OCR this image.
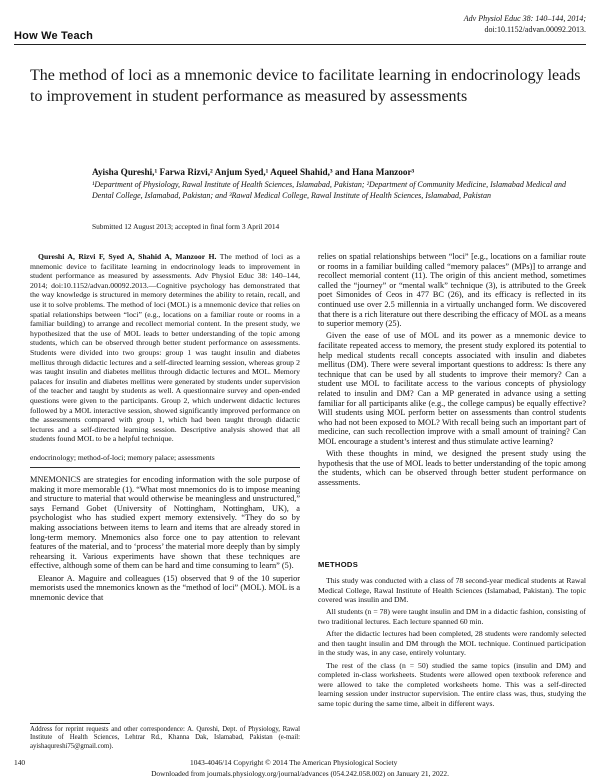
How We Teach
Adv Physiol Educ 38: 140–144, 2014;
doi:10.1152/advan.00092.2013.
The method of loci as a mnemonic device to facilitate learning in endocrinology leads to improvement in student performance as measured by assessments
Ayisha Qureshi,¹ Farwa Rizvi,² Anjum Syed,¹ Aqueel Shahid,³ and Hana Manzoor³
¹Department of Physiology, Rawal Institute of Health Sciences, Islamabad, Pakistan; ²Department of Community Medicine, Islamabad Medical and Dental College, Islamabad, Pakistan; and ³Rawal Medical College, Rawal Institute of Health Sciences, Islamabad, Pakistan
Submitted 12 August 2013; accepted in final form 3 April 2014

Qureshi A, Rizvi F, Syed A, Shahid A, Manzoor H. The method of loci as a mnemonic device to facilitate learning in endocrinology leads to improvement in student performance as measured by assessments. Adv Physiol Educ 38: 140–144, 2014; doi:10.1152/advan.00092.2013.—Cognitive psychology has demonstrated that the way knowledge is structured in memory determines the ability to retain, recall, and use it to solve problems. The method of loci (MOL) is a mnemonic device that relies on spatial relationships between “loci” (e.g., locations on a familiar route or rooms in a familiar building) to arrange and recollect memorial content. In the present study, we hypothesized that the use of MOL leads to better understanding of the topic among students, which can be observed through better student performance on assessments. Students were divided into two groups: group 1 was taught insulin and diabetes mellitus through didactic lectures and a self-directed learning session, whereas group 2 was taught insulin and diabetes mellitus through didactic lectures and MOL. Memory palaces for insulin and diabetes mellitus were generated by students under supervision of the teacher and taught by students as well. A questionnaire survey and open-ended questions were given to the participants. Group 2, which underwent didactic lectures followed by a MOL interactive session, showed significantly improved performance on the assessments compared with group 1, which had been taught through didactic lectures and a self-directed learning session. Descriptive analysis showed that all students found MOL to be a helpful technique.

endocrinology; method-of-loci; memory palace; assessments

MNEMONICS are strategies for encoding information with the sole purpose of making it more memorable (1). “What most mnemonics do is to impose meaning and structure to material that would otherwise be meaningless and unstructured,” says Fernand Gobet (University of Nottingham, Nottingham, UK), a psychologist who has studied expert memory extensively. “They do so by making associations between items to learn and items that are already stored in long-term memory. Mnemonics also force one to pay attention to relevant features of the material, and to ‘process’ the material more deeply than by simply rehearsing it. Various experiments have shown that these techniques are effective, although some of them can be hard and time consuming to learn” (5).

Eleanor A. Maguire and colleagues (15) observed that 9 of the 10 superior memorists used the mnemonics known as the “method of loci” (MOL). MOL is a mnemonic device that

relies on spatial relationships between “loci” [e.g., locations on a familiar route or rooms in a familiar building called “memory palaces” (MPs)] to arrange and recollect memorial content (11). The origin of this ancient method, sometimes called the “journey” or “mental walk” technique (3), is attributed to the Greek poet Simonides of Ceos in 477 BC (26), and its efficacy is reflected in its continued use over 2.5 millennia in a virtually unchanged form. We discovered that there is a rich literature out there describing the efficacy of MOL as a means to superior memory (25).

Given the ease of use of MOL and its power as a mnemonic device to facilitate repeated access to memory, the present study explored its potential to help medical students recall concepts associated with insulin and diabetes mellitus (DM). There were several important questions to address: Is there any technique that can be used by all students to improve their memory? Can a student use MOL to facilitate access to the various concepts of physiology related to insulin and DM? Can a MP generated in advance using a setting familiar for all participants alike (e.g., the college campus) be equally effective? Will students using MOL perform better on assessments than control students who had not been exposed to MOL? With recall being such an important part of medicine, can such recollection improve with a small amount of training? Can MOL encourage a student’s interest and thus stimulate active learning?

With these thoughts in mind, we designed the present study using the hypothesis that the use of MOL leads to better understanding of the topic among the students, which can be observed through better student performance on assessments.

METHODS

This study was conducted with a class of 78 second-year medical students at Rawal Medical College, Rawal Institute of Health Sciences (Islamabad, Pakistan). The topic covered was insulin and DM.

All students (n = 78) were taught insulin and DM in a didactic fashion, consisting of two traditional lectures. Each lecture spanned 60 min.

After the didactic lectures had been completed, 28 students were randomly selected and then taught insulin and DM through the MOL technique. Continued participation in the study was, in any case, entirely voluntary.

The rest of the class (n = 50) studied the same topics (insulin and DM) and completed in-class worksheets. Students were allowed open textbook reference and were allowed to take the completed worksheets home. This was a self-directed learning session under instructor supervision. The entire class was, thus, studying the same topic during the same time, albeit in different ways.

Address for reprint requests and other correspondence: A. Qureshi, Dept. of Physiology, Rawal Institute of Health Sciences, Lehtrar Rd., Khanna Dak, Islamabad, Pakistan (e-mail: ayishaqureshi75@gmail.com).
140	1043-4046/14 Copyright © 2014 The American Physiological Society
Downloaded from journals.physiology.org/journal/advances (054.242.058.002) on January 21, 2022.
